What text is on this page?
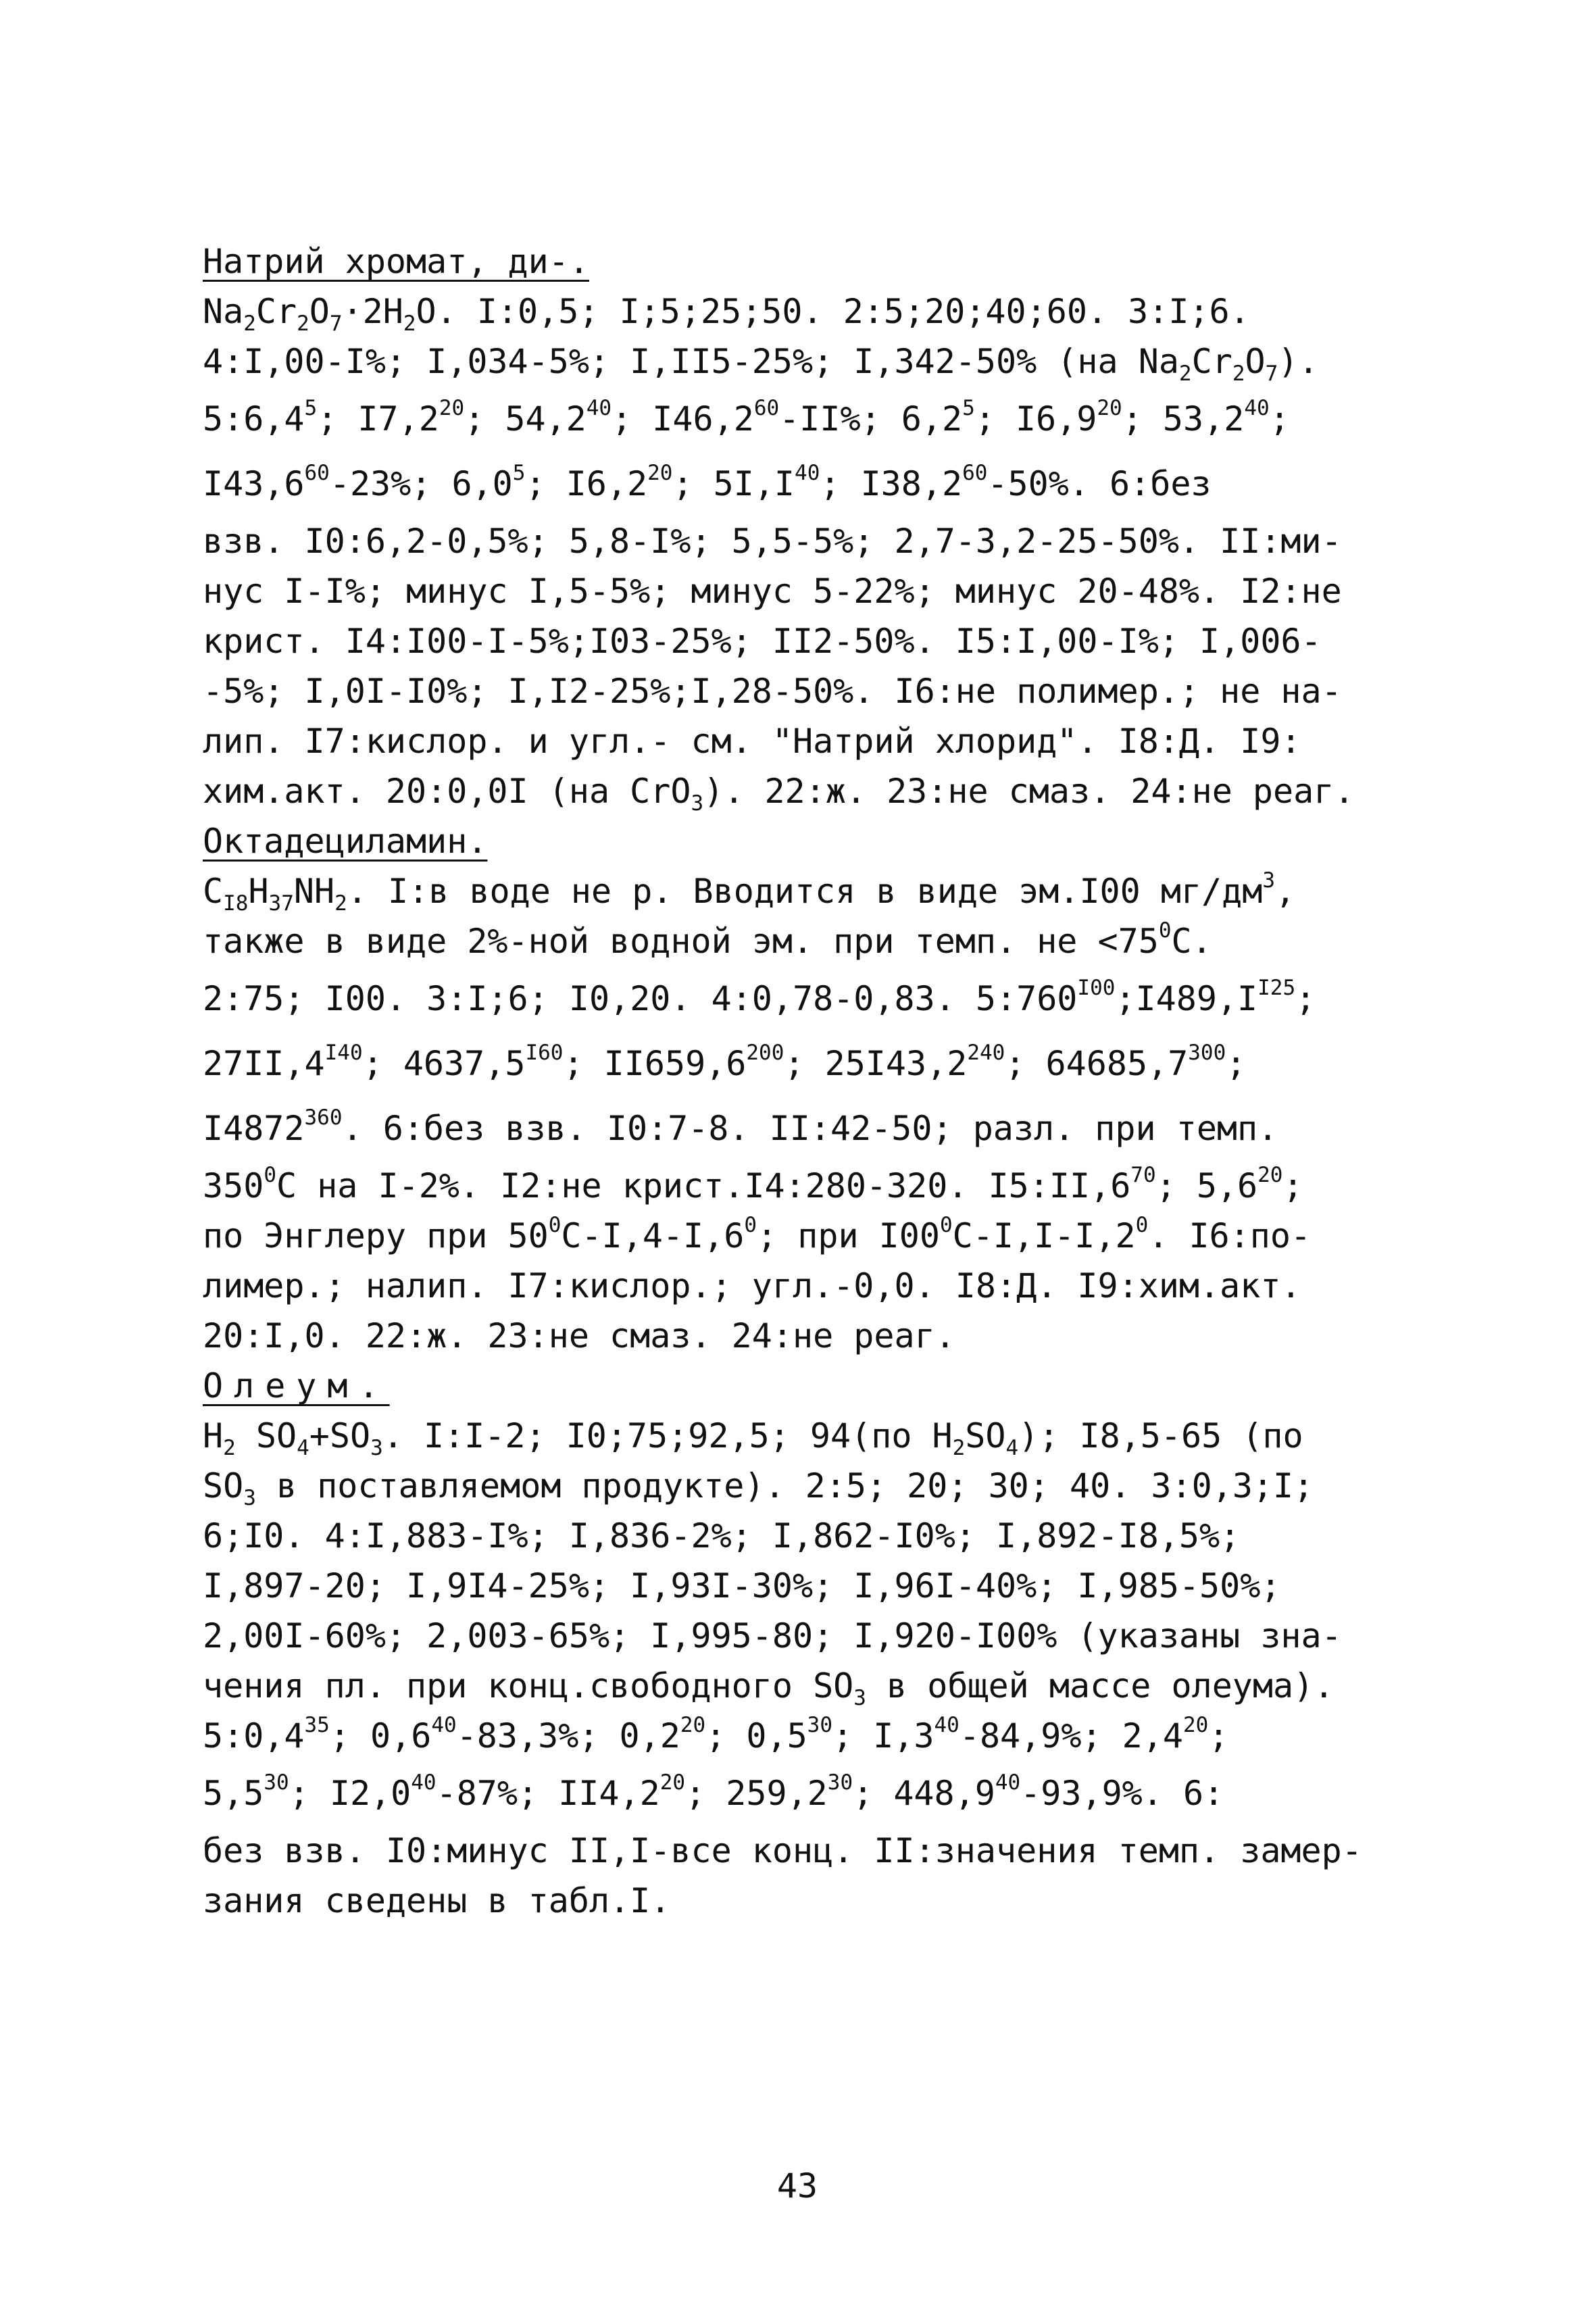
Натрий хромат, ди-.
$Na_2Cr_2O_7\cdot 2H_2O$. I:0,5; I;5;25;50. 2:5;20;40;60. 3:I;6.
4:I,00-I%; I,034-5%; I,II5-25%; I,342-50% (на $Na_2Cr_2O_7$).
$5:6,4^5$; $I7,2^{20}$; 54,2$^{40}$; I46,2$^{60}$-II%; $6,2^5$; $I6,9^{20}$; 53,2$^{40}$;
I43,6$^{60}$-23%; $6,0^5$; $I6,2^{20}$; $5I,I^{40}$; I38,2$^{60}$-50%. 6:без
взв. I0:6,2-0,5%; 5,8-I%; 5,5-5%; 2,7-3,2-25-50%. II:ми-
нус I-I%; минус I,5-5%; минус 5-22%; минус 20-48%. I2:не
крист. I4:I00-I-5%;I03-25%; II2-50%. I5:I,00-I%; I,006-
-5%; I,0I-I0%; I,I2-25%;I,28-50%. I6:не полимер.; не на-
лип. I7:кислор. и угл.- см. "Натрий хлорид". I8:Д. I9:
хим.акт. 20:0,0I (на CrO$_3$). 22:ж. 23:не смаз. 24:не реаг.
Октадециламин.
$C_{I8}H_{37}NH_2$. I:в воде не р. Вводится в виде эм.I00 $мг/дм^3$,
также в виде 2%-ной водной эм. при темп. не $<75^0C$.
2:75; I00. 3:I;6; I0,20. 4:0,78-0,83. $5:760^{I00};I489,I^{I25}$;
$27II,4^{I40}$; $4637,5^{I60}$; II659,6$^{200}$; 25I43,2$^{240}$; 64685,7$^{300}$;
I4872$^{360}$. 6:без взв. I0:7-8. II:42-50; разл. при темп.
$350^0C$ на I-2%. I2:не крист.I4:280-320. $I5:II,6^{70}$; $5,6^{20}$;
по Энглеру при $50^0C-I,4-I,6^0$; при $I00^0C-I,I-I,2^0$. I6:по-
лимер.; налип. I7:кислор.; угл.-0,0. I8:Д. I9:хим.акт.
20:I,0. 22:ж. 23:не смаз. 24:не реаг.
Олеум.
$H_2$ $SO_4+SO_3$. I:I-2; I0;75;92,5; 94(по $H_2SO_4$); I8,5-65 (по
$SO_3$ в поставляемом продукте). 2:5; 20; 30; 40. 3:0,3;I;
6;I0. 4:I,883-I%; I,836-2%; I,862-I0%; I,892-I8,5%;
I,897-20; I,9I4-25%; I,93I-30%; I,96I-40%; I,985-50%;
2,00I-60%; 2,003-65%; I,995-80; I,920-I00% (указаны зна-
чения пл. при конц.свободного $SO_3$ в общей массе олеума).
$5:0,4^{35}$; $0,6^{40}-83,3\%$; $0,2^{20}$; $0,5^{30}$; $I,3^{40}-84,9\%$; $2,4^{20}$;
$5,5^{30}$; $I2,0^{40}-87\%$; $II4,2^{20}$; 259,2$^{30}$; 448,9$^{40}$-93,9%. 6:
без взв. I0:минус II,I-все конц. II:значения темп. замер-
зания сведены в табл.I.
43
